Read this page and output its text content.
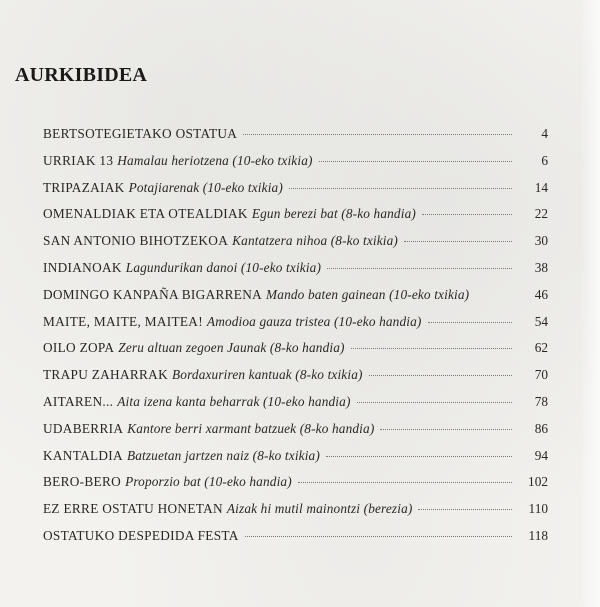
AURKIBIDEA
BERTSOTEGIETAKO OSTATUA	4
URRIAK 13 Hamalau heriotzena (10-eko txikia)	6
TRIPAZAIAK Potajiarenak (10-eko txikia)	14
OMENALDIAK ETA OTEALDIAK Egun berezi bat (8-ko handia)	22
SAN ANTONIO BIHOTZEKOA Kantatzera nihoa (8-ko txikia)	30
INDIANOAK Lagundurikan danoi (10-eko txikia)	38
DOMINGO KANPAÑA BIGARRENA Mando baten gainean (10-eko txikia)	46
MAITE, MAITE, MAITEA! Amodioa gauza tristea (10-eko handia)	54
OILO ZOPA Zeru altuan zegoen Jaunak (8-ko handia)	62
TRAPU ZAHARRAK Bordaxuriren kantuak (8-ko txikia)	70
AITAREN... Aita izena kanta beharrak (10-eko handia)	78
UDABERRIA Kantore berri xarmant batzuek (8-ko handia)	86
KANTALDIA Batzuetan jartzen naiz (8-ko txikia)	94
BERO-BERO Proporzio bat (10-eko handia)	102
EZ ERRE OSTATU HONETAN Aizak hi mutil mainontzi (berezia)	110
OSTATUKO DESPEDIDA FESTA	118
